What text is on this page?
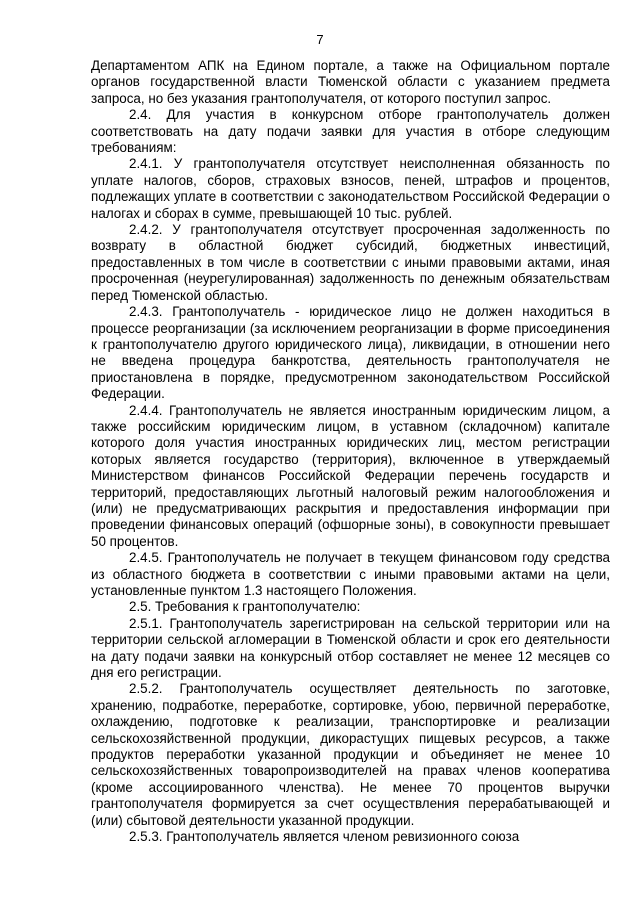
7

Департаментом АПК на Едином портале, а также на Официальном портале органов государственной власти Тюменской области с указанием предмета запроса, но без указания грантополучателя, от которого поступил запрос.

2.4. Для участия в конкурсном отборе грантополучатель должен соответствовать на дату подачи заявки для участия в отборе следующим требованиям:

2.4.1. У грантополучателя отсутствует неисполненная обязанность по уплате налогов, сборов, страховых взносов, пеней, штрафов и процентов, подлежащих уплате в соответствии с законодательством Российской Федерации о налогах и сборах в сумме, превышающей 10 тыс. рублей.

2.4.2. У грантополучателя отсутствует просроченная задолженность по возврату в областной бюджет субсидий, бюджетных инвестиций, предоставленных в том числе в соответствии с иными правовыми актами, иная просроченная (неурегулированная) задолженность по денежным обязательствам перед Тюменской областью.

2.4.3. Грантополучатель - юридическое лицо не должен находиться в процессе реорганизации (за исключением реорганизации в форме присоединения к грантополучателю другого юридического лица), ликвидации, в отношении него не введена процедура банкротства, деятельность грантополучателя не приостановлена в порядке, предусмотренном законодательством Российской Федерации.

2.4.4. Грантополучатель не является иностранным юридическим лицом, а также российским юридическим лицом, в уставном (складочном) капитале которого доля участия иностранных юридических лиц, местом регистрации которых является государство (территория), включенное в утверждаемый Министерством финансов Российской Федерации перечень государств и территорий, предоставляющих льготный налоговый режим налогообложения и (или) не предусматривающих раскрытия и предоставления информации при проведении финансовых операций (офшорные зоны), в совокупности превышает 50 процентов.

2.4.5. Грантополучатель не получает в текущем финансовом году средства из областного бюджета в соответствии с иными правовыми актами на цели, установленные пунктом 1.3 настоящего Положения.

2.5. Требования к грантополучателю:

2.5.1. Грантополучатель зарегистрирован на сельской территории или на территории сельской агломерации в Тюменской области и срок его деятельности на дату подачи заявки на конкурсный отбор составляет не менее 12 месяцев со дня его регистрации.

2.5.2. Грантополучатель осуществляет деятельность по заготовке, хранению, подработке, переработке, сортировке, убою, первичной переработке, охлаждению, подготовке к реализации, транспортировке и реализации сельскохозяйственной продукции, дикорастущих пищевых ресурсов, а также продуктов переработки указанной продукции и объединяет не менее 10 сельскохозяйственных товаропроизводителей на правах членов кооператива (кроме ассоциированного членства). Не менее 70 процентов выручки грантополучателя формируется за счет осуществления перерабатывающей и (или) сбытовой деятельности указанной продукции.

2.5.3. Грантополучатель является членом ревизионного союза
